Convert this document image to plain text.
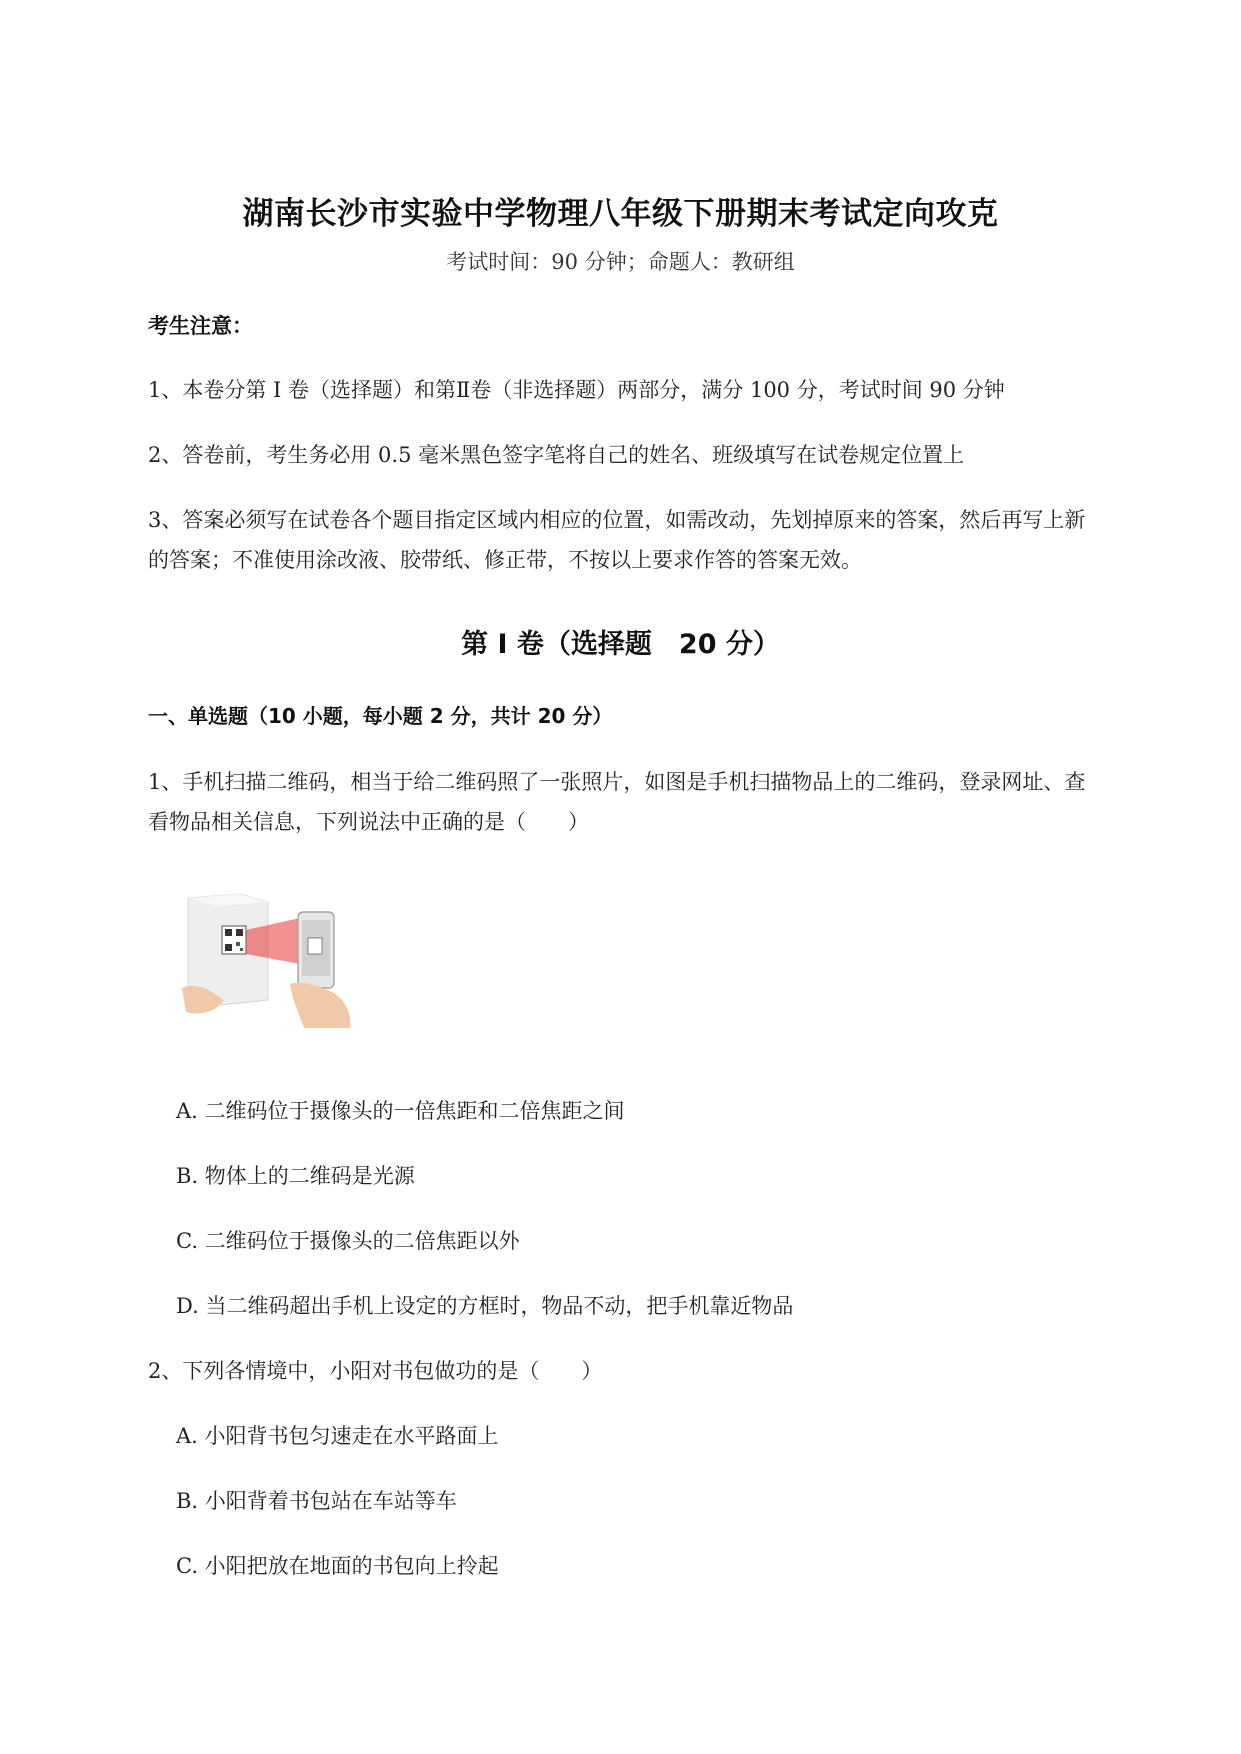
湖南长沙市实验中学物理八年级下册期末考试定向攻克
考试时间：90 分钟；命题人：教研组
考生注意：
1、本卷分第 I 卷（选择题）和第Ⅱ卷（非选择题）两部分，满分 100 分，考试时间 90 分钟
2、答卷前，考生务必用 0.5 毫米黑色签字笔将自己的姓名、班级填写在试卷规定位置上
3、答案必须写在试卷各个题目指定区域内相应的位置，如需改动，先划掉原来的答案，然后再写上新
的答案；不准使用涂改液、胶带纸、修正带，不按以上要求作答的答案无效。
第 I 卷（选择题　20 分）
一、单选题（10 小题，每小题 2 分，共计 20 分）
1、手机扫描二维码，相当于给二维码照了一张照片，如图是手机扫描物品上的二维码，登录网址、查
看物品相关信息，下列说法中正确的是（　　）
A. 二维码位于摄像头的一倍焦距和二倍焦距之间
B. 物体上的二维码是光源
C. 二维码位于摄像头的二倍焦距以外
D. 当二维码超出手机上设定的方框时，物品不动，把手机靠近物品
2、下列各情境中，小阳对书包做功的是（　　）
A. 小阳背书包匀速走在水平路面上
B. 小阳背着书包站在车站等车
C. 小阳把放在地面的书包向上拎起
